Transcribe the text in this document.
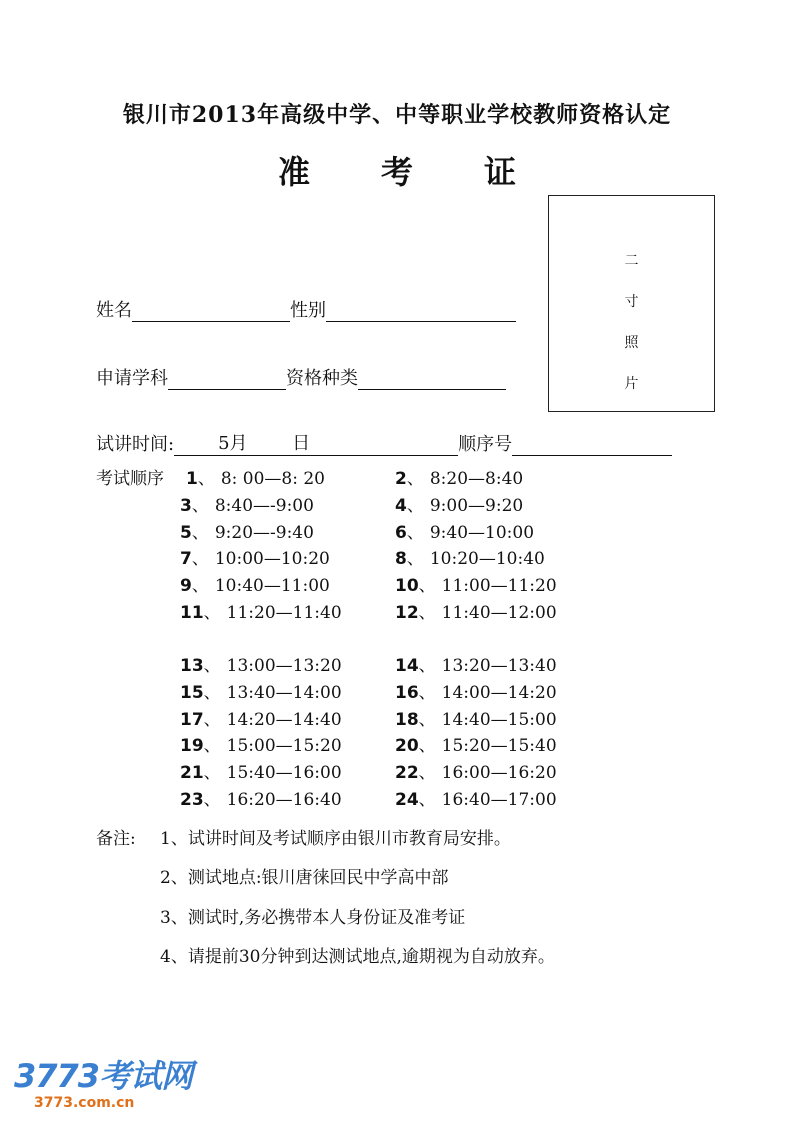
银川市2013年高级中学、中等职业学校教师资格认定
准 考 证
二
寸
照
片
姓名	性别
申请学科	资格种类
试讲时间: 5月 日	顺序号
考试顺序 1、 8: 00—8: 20	2、 8:20—8:40
3、 8:40—-9:00	4、 9:00—9:20
5、 9:20—-9:40	6、 9:40—10:00
7、 10:00—10:20	8、 10:20—10:40
9、 10:40—11:00	10、 11:00—11:20
11、 11:20—11:40	12、 11:40—12:00
13、 13:00—13:20	14、 13:20—13:40
15、 13:40—14:00	16、 14:00—14:20
17、 14:20—14:40	18、 14:40—15:00
19、 15:00—15:20	20、 15:20—15:40
21、 15:40—16:00	22、 16:00—16:20
23、 16:20—16:40	24、 16:40—17:00
备注: 1、试讲时间及考试顺序由银川市教育局安排。
2、测试地点:银川唐徕回民中学高中部
3、测试时,务必携带本人身份证及准考证
4、请提前30分钟到达测试地点,逾期视为自动放弃。
3773考试网
3773.com.cn
